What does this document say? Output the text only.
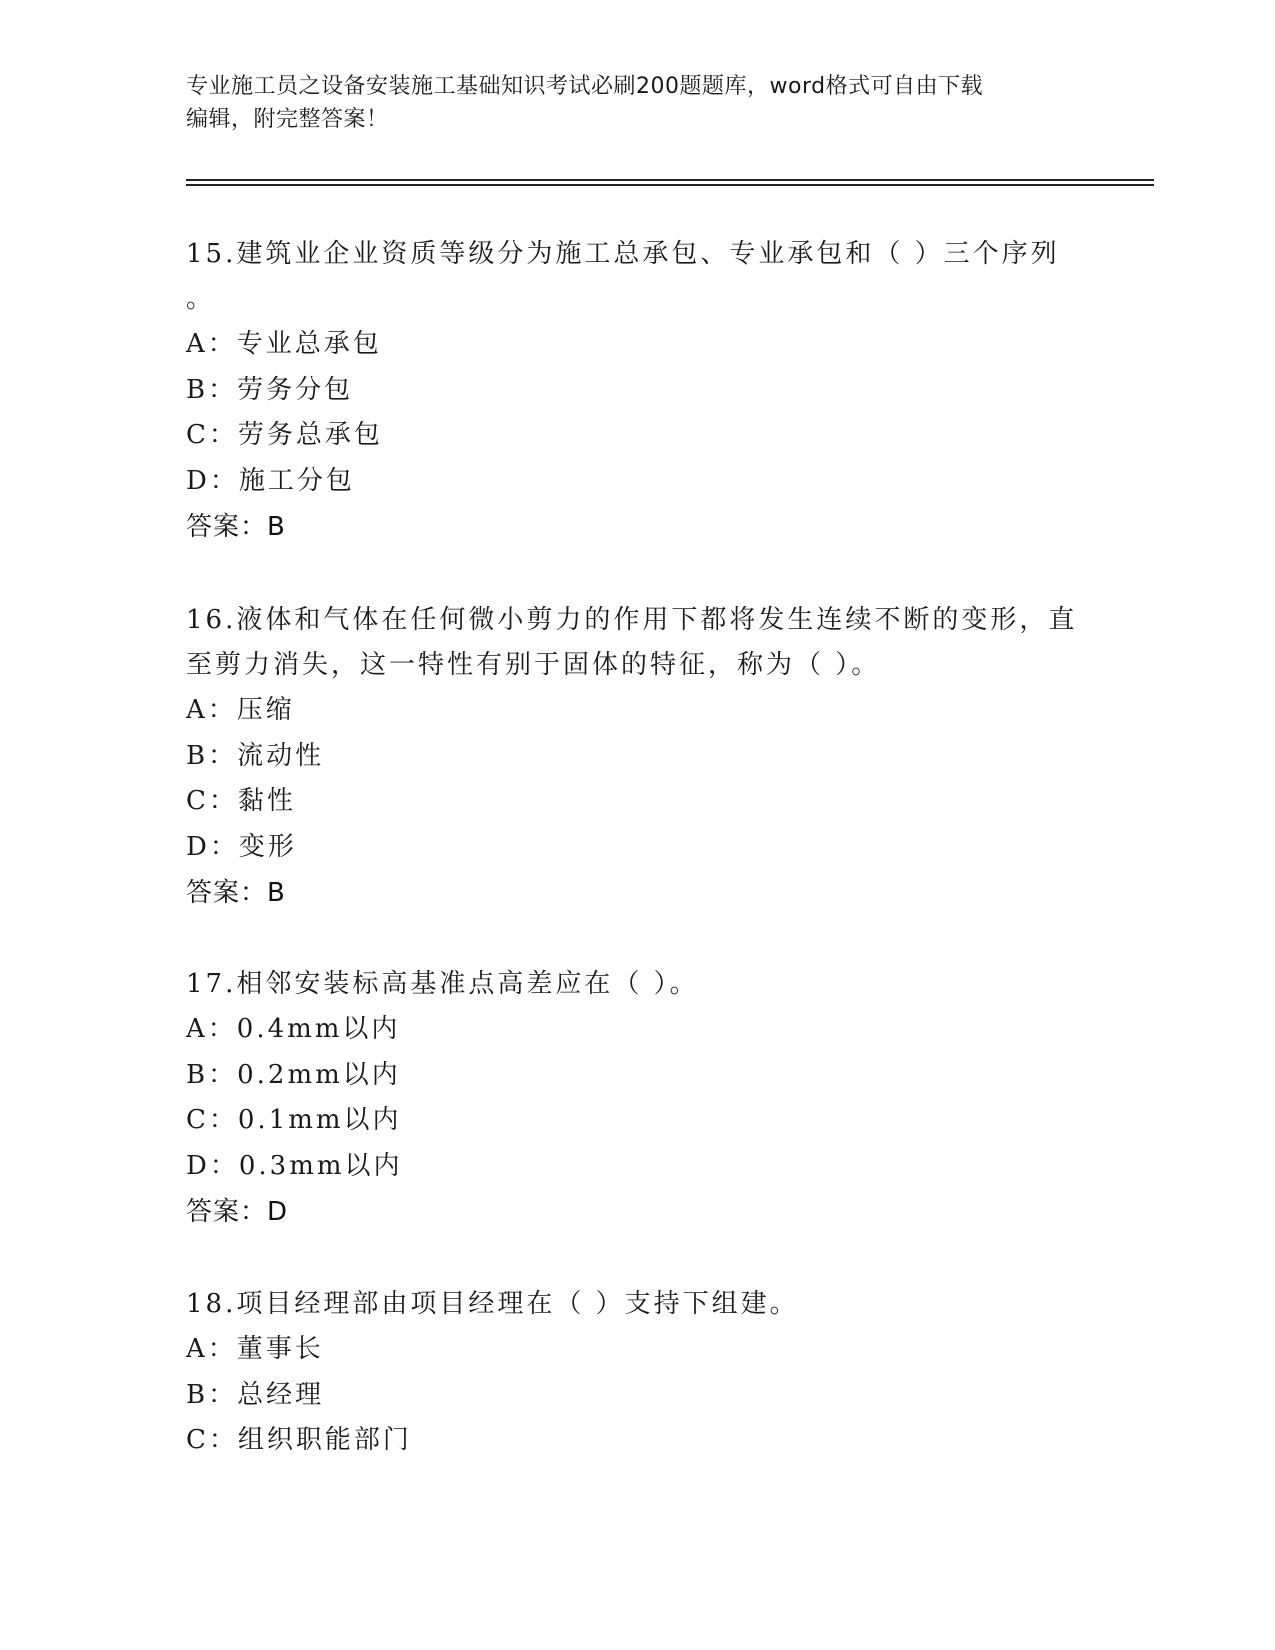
专业施工员之设备安装施工基础知识考试必刷200题题库，word格式可自由下载
编辑，附完整答案！
15.建筑业企业资质等级分为施工总承包、专业承包和（ ）三个序列
。
A：专业总承包
B：劳务分包
C：劳务总承包
D：施工分包
答案：B
16.液体和气体在任何微小剪力的作用下都将发生连续不断的变形，直
至剪力消失，这一特性有别于固体的特征，称为（ ）。
A：压缩
B：流动性
C：黏性
D：变形
答案：B
17.相邻安装标高基准点高差应在（ ）。
A：0.4mm以内
B：0.2mm以内
C：0.1mm以内
D：0.3mm以内
答案：D
18.项目经理部由项目经理在（ ）支持下组建。
A：董事长
B：总经理
C：组织职能部门
